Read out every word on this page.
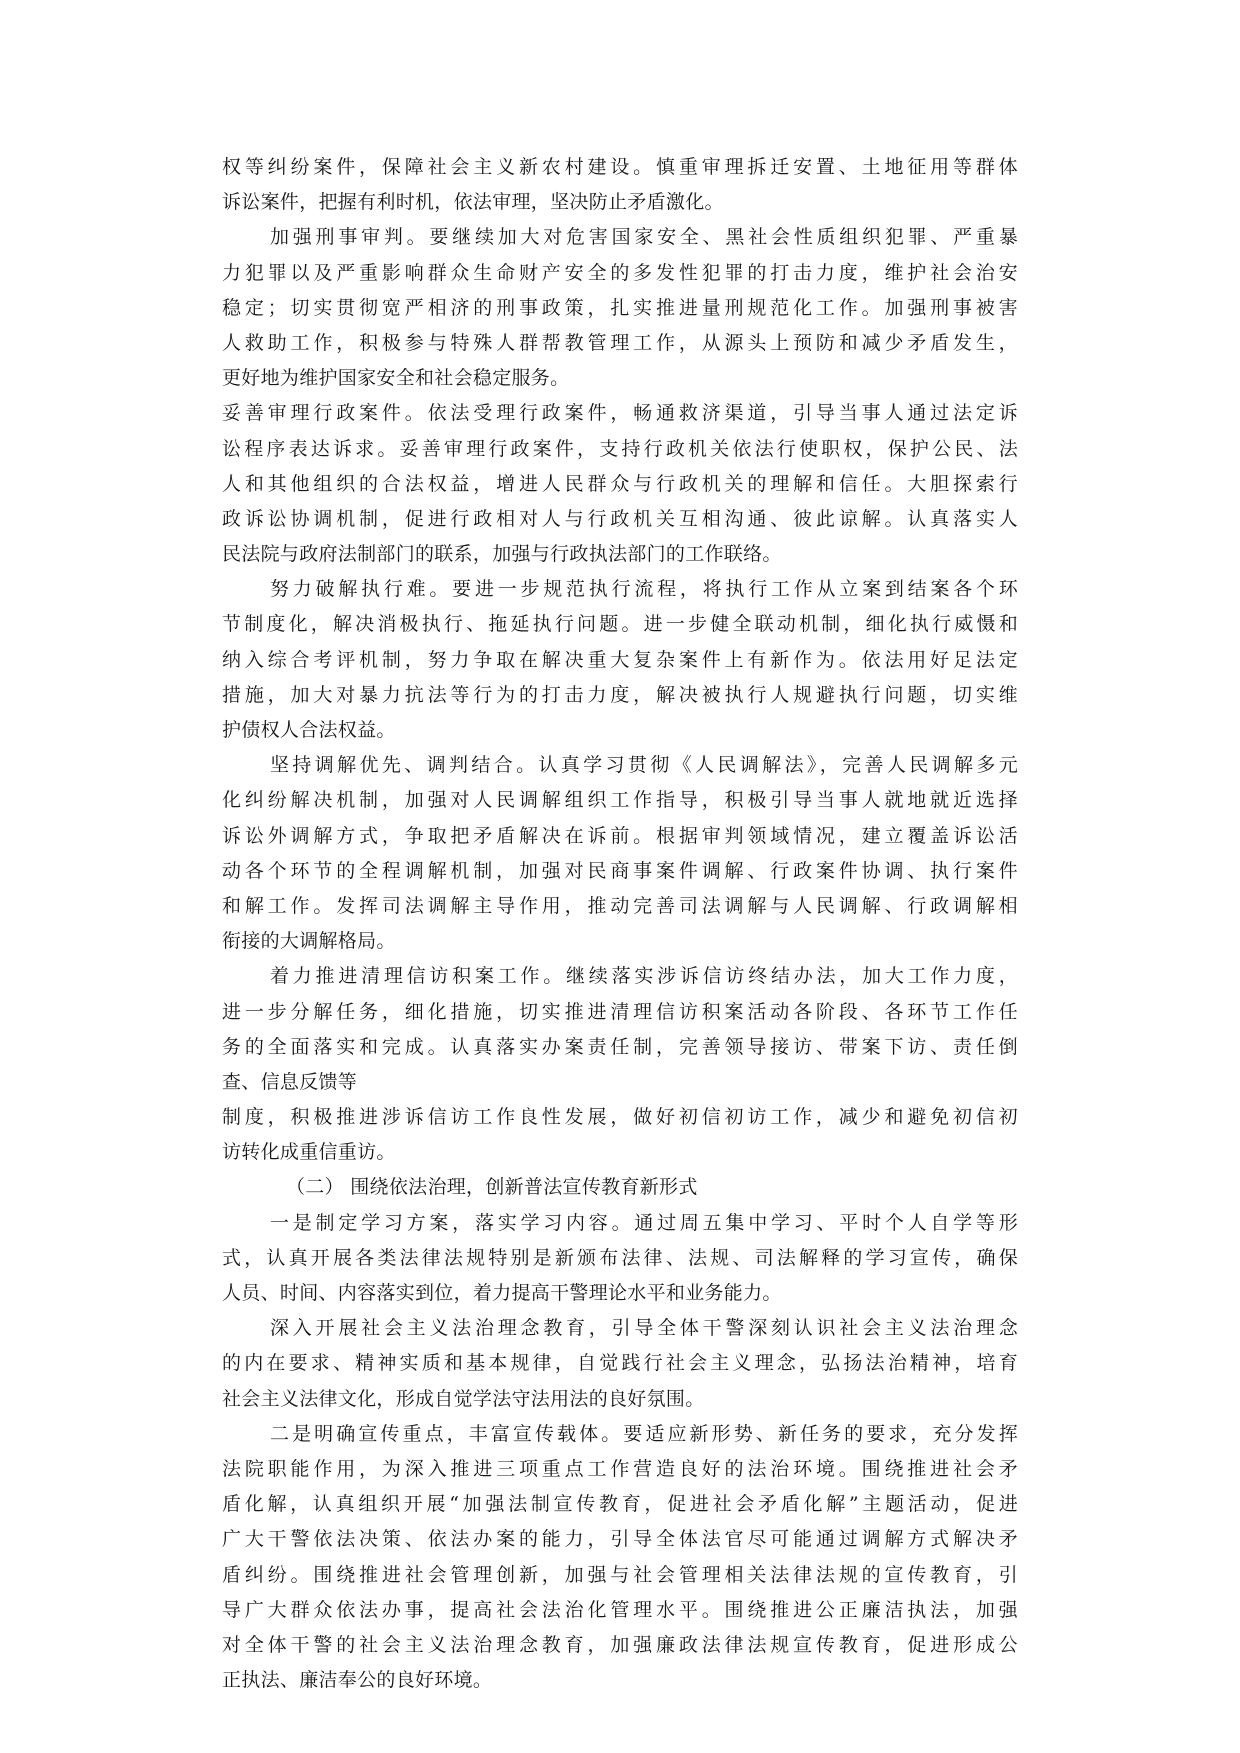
权等纠纷案件，保障社会主义新农村建设。慎重审理拆迁安置、土地征用等群体
诉讼案件，把握有利时机，依法审理，坚决防止矛盾激化。
加强刑事审判。要继续加大对危害国家安全、黑社会性质组织犯罪、严重暴
力犯罪以及严重影响群众生命财产安全的多发性犯罪的打击力度，维护社会治安
稳定；切实贯彻宽严相济的刑事政策，扎实推进量刑规范化工作。加强刑事被害
人救助工作，积极参与特殊人群帮教管理工作，从源头上预防和减少矛盾发生，
更好地为维护国家安全和社会稳定服务。
妥善审理行政案件。依法受理行政案件，畅通救济渠道，引导当事人通过法定诉
讼程序表达诉求。妥善审理行政案件，支持行政机关依法行使职权，保护公民、法
人和其他组织的合法权益，增进人民群众与行政机关的理解和信任。大胆探索行
政诉讼协调机制，促进行政相对人与行政机关互相沟通、彼此谅解。认真落实人
民法院与政府法制部门的联系，加强与行政执法部门的工作联络。
努力破解执行难。要进一步规范执行流程，将执行工作从立案到结案各个环
节制度化，解决消极执行、拖延执行问题。进一步健全联动机制，细化执行威慑和
纳入综合考评机制，努力争取在解决重大复杂案件上有新作为。依法用好足法定
措施，加大对暴力抗法等行为的打击力度，解决被执行人规避执行问题，切实维
护债权人合法权益。
坚持调解优先、调判结合。认真学习贯彻《人民调解法》，完善人民调解多元
化纠纷解决机制，加强对人民调解组织工作指导，积极引导当事人就地就近选择
诉讼外调解方式，争取把矛盾解决在诉前。根据审判领域情况，建立覆盖诉讼活
动各个环节的全程调解机制，加强对民商事案件调解、行政案件协调、执行案件
和解工作。发挥司法调解主导作用，推动完善司法调解与人民调解、行政调解相
衔接的大调解格局。
着力推进清理信访积案工作。继续落实涉诉信访终结办法，加大工作力度，
进一步分解任务，细化措施，切实推进清理信访积案活动各阶段、各环节工作任
务的全面落实和完成。认真落实办案责任制，完善领导接访、带案下访、责任倒
查、信息反馈等
制度，积极推进涉诉信访工作良性发展，做好初信初访工作，减少和避免初信初
访转化成重信重访。
（二） 围绕依法治理，创新普法宣传教育新形式
一是制定学习方案，落实学习内容。通过周五集中学习、平时个人自学等形
式，认真开展各类法律法规特别是新颁布法律、法规、司法解释的学习宣传，确保
人员、时间、内容落实到位，着力提高干警理论水平和业务能力。
深入开展社会主义法治理念教育，引导全体干警深刻认识社会主义法治理念
的内在要求、精神实质和基本规律，自觉践行社会主义理念，弘扬法治精神，培育
社会主义法律文化，形成自觉学法守法用法的良好氛围。
二是明确宣传重点，丰富宣传载体。要适应新形势、新任务的要求，充分发挥
法院职能作用，为深入推进三项重点工作营造良好的法治环境。围绕推进社会矛
盾化解，认真组织开展“加强法制宣传教育，促进社会矛盾化解”主题活动，促进
广大干警依法决策、依法办案的能力，引导全体法官尽可能通过调解方式解决矛
盾纠纷。围绕推进社会管理创新，加强与社会管理相关法律法规的宣传教育，引
导广大群众依法办事，提高社会法治化管理水平。围绕推进公正廉洁执法，加强
对全体干警的社会主义法治理念教育，加强廉政法律法规宣传教育，促进形成公
正执法、廉洁奉公的良好环境。
